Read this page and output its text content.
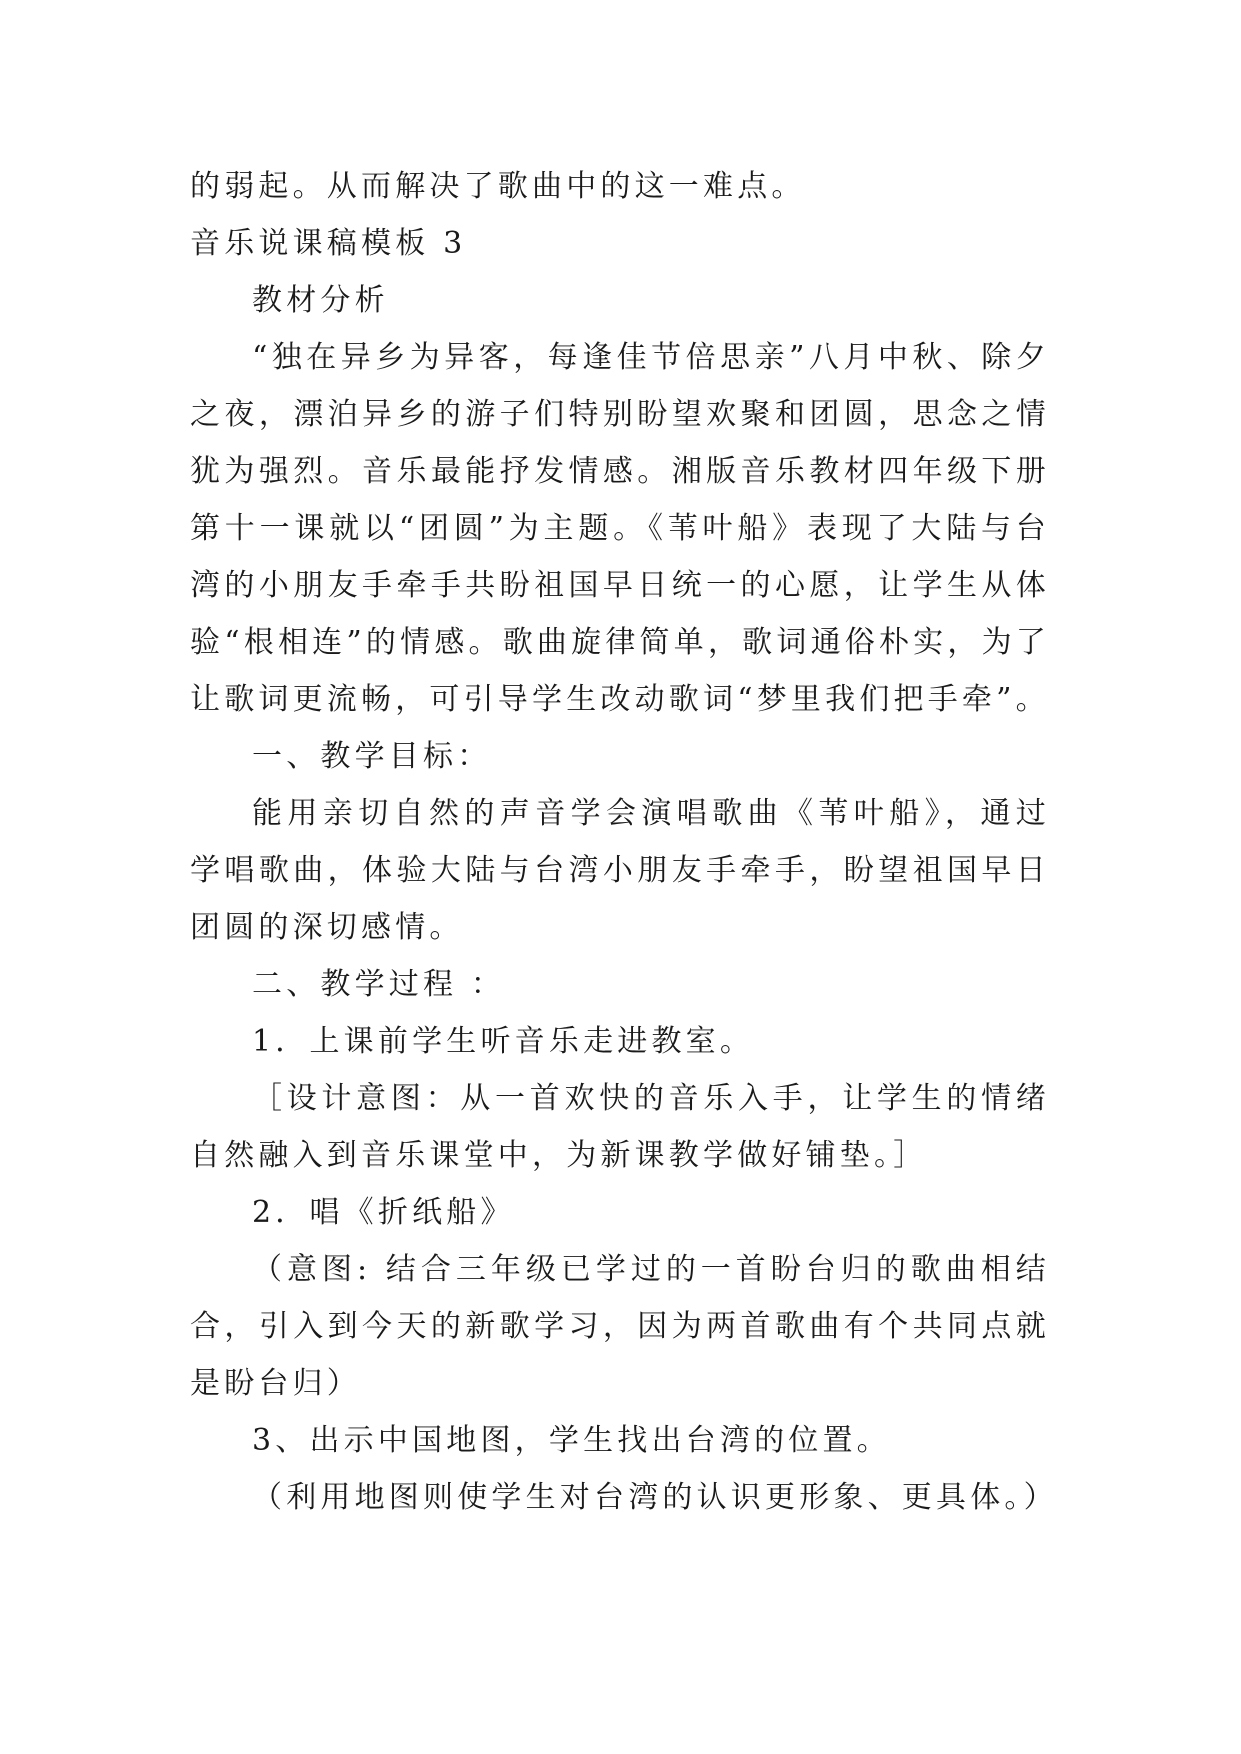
的弱起。从而解决了歌曲中的这一难点。

音乐说课稿模板 3

教材分析

“独在异乡为异客，每逢佳节倍思亲”八月中秋、除夕之夜，漂泊异乡的游子们特别盼望欢聚和团圆，思念之情犹为强烈。音乐最能抒发情感。湘版音乐教材四年级下册第十一课就以“团圆”为主题。《苇叶船》表现了大陆与台湾的小朋友手牵手共盼祖国早日统一的心愿，让学生从体验“根相连”的情感。歌曲旋律简单，歌词通俗朴实，为了让歌词更流畅，可引导学生改动歌词“梦里我们把手牵”。

一、教学目标：

能用亲切自然的声音学会演唱歌曲《苇叶船》，通过学唱歌曲，体验大陆与台湾小朋友手牵手，盼望祖国早日团圆的深切感情。

二、教学过程 ：

1．上课前学生听音乐走进教室。

［设计意图：从一首欢快的音乐入手，让学生的情绪自然融入到音乐课堂中，为新课教学做好铺垫。］

2．唱《折纸船》

（意图: 结合三年级已学过的一首盼台归的歌曲相结合，引入到今天的新歌学习，因为两首歌曲有个共同点就是盼台归）

3、出示中国地图，学生找出台湾的位置。

（利用地图则使学生对台湾的认识更形象、更具体。）
